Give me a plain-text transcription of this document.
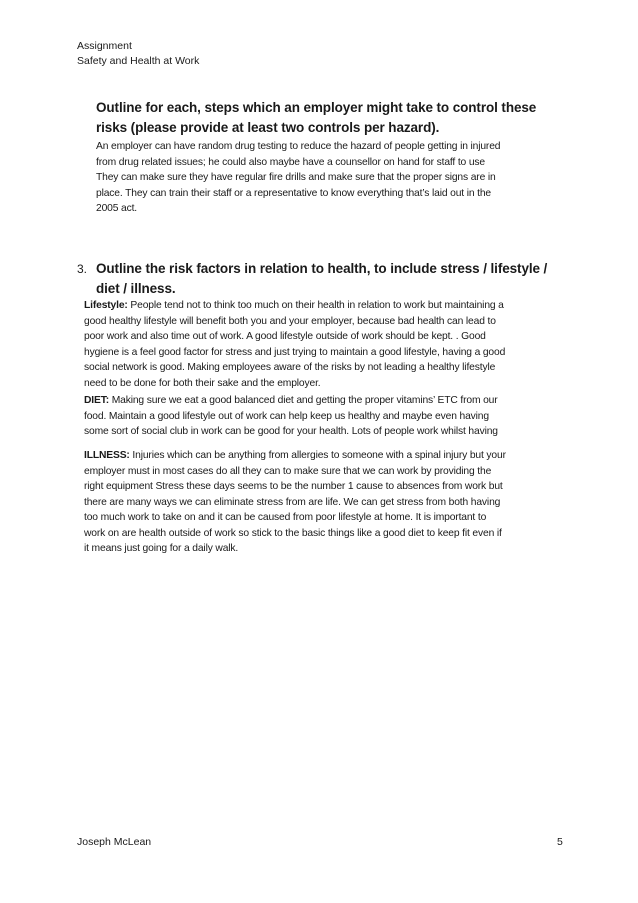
Assignment
Safety and Health at Work
Outline for each, steps which an employer might take to control these
risks (please provide at least two controls per hazard).
An employer can have random drug testing to reduce the hazard of people getting in injured
from drug related issues; he could also maybe have a counsellor on hand for staff to use
They can make sure they have regular fire drills and make sure that the proper signs are in
place. They can train their staff or a representative to know everything that’s laid out in the
2005 act.
3. Outline the risk factors in relation to health, to include stress / lifestyle /
diet / illness.
Lifestyle: People tend not to think too much on their health in relation to work but maintaining a
good healthy lifestyle will benefit both you and your employer, because bad health can lead to
poor work and also time out of work. A good lifestyle outside of work should be kept. . Good
hygiene is a feel good factor for stress and just trying to maintain a good lifestyle, having a good
social network is good. Making employees aware of the risks by not leading a healthy lifestyle
need to be done for both their sake and the employer.
DIET: Making sure we eat a good balanced diet and getting the proper vitamins’ ETC from our
food. Maintain a good lifestyle out of work can help keep us healthy and maybe even having
some sort of social club in work can be good for your health. Lots of people work whilst having
ILLNESS: Injuries which can be anything from allergies to someone with a spinal injury but your
employer must in most cases do all they can to make sure that we can work by providing the
right equipment Stress these days seems to be the number 1 cause to absences from work but
there are many ways we can eliminate stress from are life. We can get stress from both having
too much work to take on and it can be caused from poor lifestyle at home. It is important to
work on are health outside of work so stick to the basic things like a good diet to keep fit even if
it means just going for a daily walk.
Joseph McLean	5
